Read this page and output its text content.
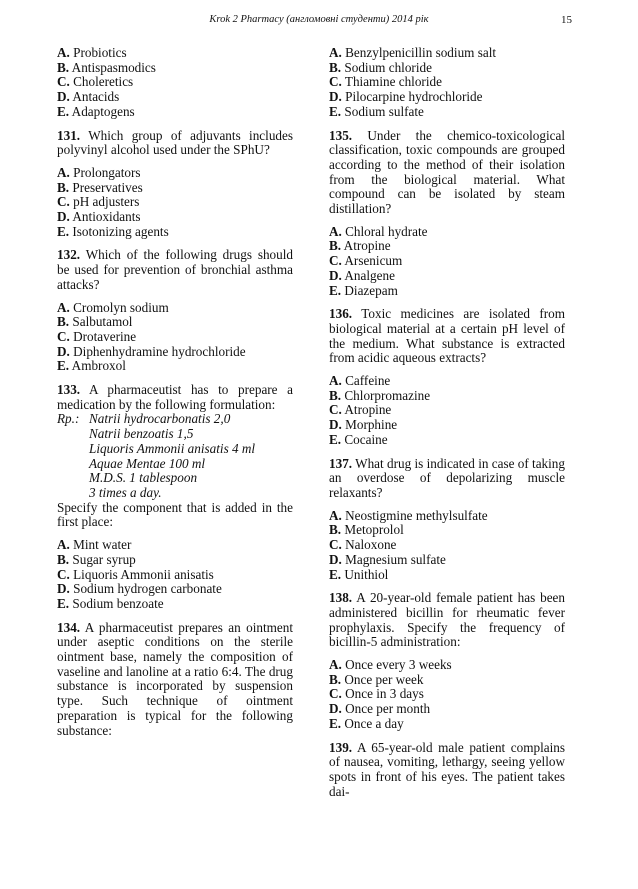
Krok 2 Pharmacy (англомовні студенти) 2014 рік	15
A. Probiotics
B. Antispasmodics
C. Choleretics
D. Antacids
E. Adaptogens

131. Which group of adjuvants includes polyvinyl alcohol used under the SPhU?

A. Prolongators
B. Preservatives
C. pH adjusters
D. Antioxidants
E. Isotonizing agents

132. Which of the following drugs should be used for prevention of bronchial asthma attacks?

A. Cromolyn sodium
B. Salbutamol
C. Drotaverine
D. Diphenhydramine hydrochloride
E. Ambroxol

133. A pharmaceutist has to prepare a medication by the following formulation:

Rp.: Natrii hydrocarbonatis 2,0
Natrii benzoatis 1,5
Liquoris Ammonii anisatis 4 ml
Aquae Mentae 100 ml
M.D.S. 1 tablespoon
3 times a day.

Specify the component that is added in the first place:

A. Mint water
B. Sugar syrup
C. Liquoris Ammonii anisatis
D. Sodium hydrogen carbonate
E. Sodium benzoate

134. A pharmaceutist prepares an ointment under aseptic conditions on the sterile ointment base, namely the composition of vaseline and lanoline at a ratio 6:4. The drug substance is incorporated by suspension type. Such technique of ointment preparation is typical for the following substance:

A. Benzylpenicillin sodium salt
B. Sodium chloride
C. Thiamine chloride
D. Pilocarpine hydrochloride
E. Sodium sulfate

135. Under the chemico-toxicological classification, toxic compounds are grouped according to the method of their isolation from the biological material. What compound can be isolated by steam distillation?

A. Chloral hydrate
B. Atropine
C. Arsenicum
D. Analgene
E. Diazepam

136. Toxic medicines are isolated from biological material at a certain pH level of the medium. What substance is extracted from acidic aqueous extracts?

A. Caffeine
B. Chlorpromazine
C. Atropine
D. Morphine
E. Cocaine

137. What drug is indicated in case of taking an overdose of depolarizing muscle relaxants?

A. Neostigmine methylsulfate
B. Metoprolol
C. Naloxone
D. Magnesium sulfate
E. Unithiol

138. A 20-year-old female patient has been administered bicillin for rheumatic fever prophylaxis. Specify the frequency of bicillin-5 administration:

A. Once every 3 weeks
B. Once per week
C. Once in 3 days
D. Once per month
E. Once a day

139. A 65-year-old male patient complains of nausea, vomiting, lethargy, seeing yellow spots in front of his eyes. The patient takes dai-
